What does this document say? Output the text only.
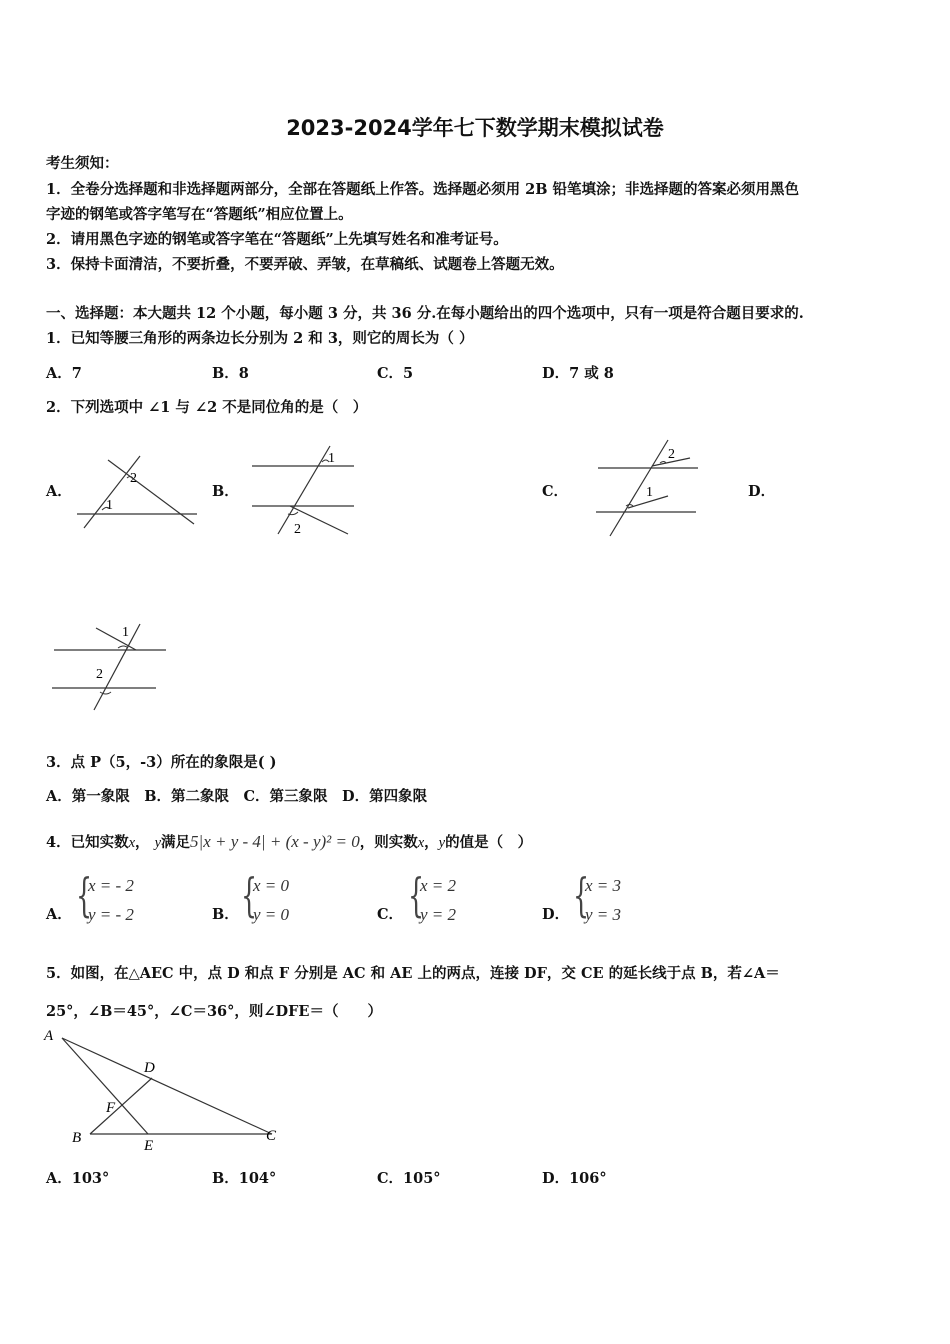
2023-2024学年七下数学期末模拟试卷
考生须知：
1．全卷分选择题和非选择题两部分，全部在答题纸上作答。选择题必须用 2B 铅笔填涂；非选择题的答案必须用黑色
字迹的钢笔或答字笔写在“答题纸”相应位置上。
2．请用黑色字迹的钢笔或答字笔在“答题纸”上先填写姓名和准考证号。
3．保持卡面清洁，不要折叠，不要弄破、弄皱，在草稿纸、试题卷上答题无效。
一、选择题：本大题共 12 个小题，每小题 3 分，共 36 分.在每小题给出的四个选项中，只有一项是符合题目要求的.
1．已知等腰三角形的两条边长分别为 2 和 3，则它的周长为（ ）
A．7	B．8	C．5	D．7 或 8
2．下列选项中 ∠1 与 ∠2 不是同位角的是（　）
A．	B．	C．	D．
1
2
1
2
1
2
1
2
3．点 P（5，-3）所在的象限是( )
A．第一象限　B．第二象限　C．第三象限　D．第四象限
4．已知实数x， y满足5|x + y - 4| + (x - y)² = 0，则实数x，y的值是（　）
A．	B．	C．	D．
{
x = - 2
y = - 2 {
x = 0
y = 0	{
x = 2
y = 2	{
x = 3
y = 3
5．如图，在△AEC 中，点 D 和点 F 分别是 AC 和 AE 上的两点，连接 DF，交 CE 的延长线于点 B，若∠A＝
25°，∠B＝45°，∠C＝36°，则∠DFE＝（　　）
A
D
F
B	E
C
A．103°	B．104°	C．105°	D．106°
